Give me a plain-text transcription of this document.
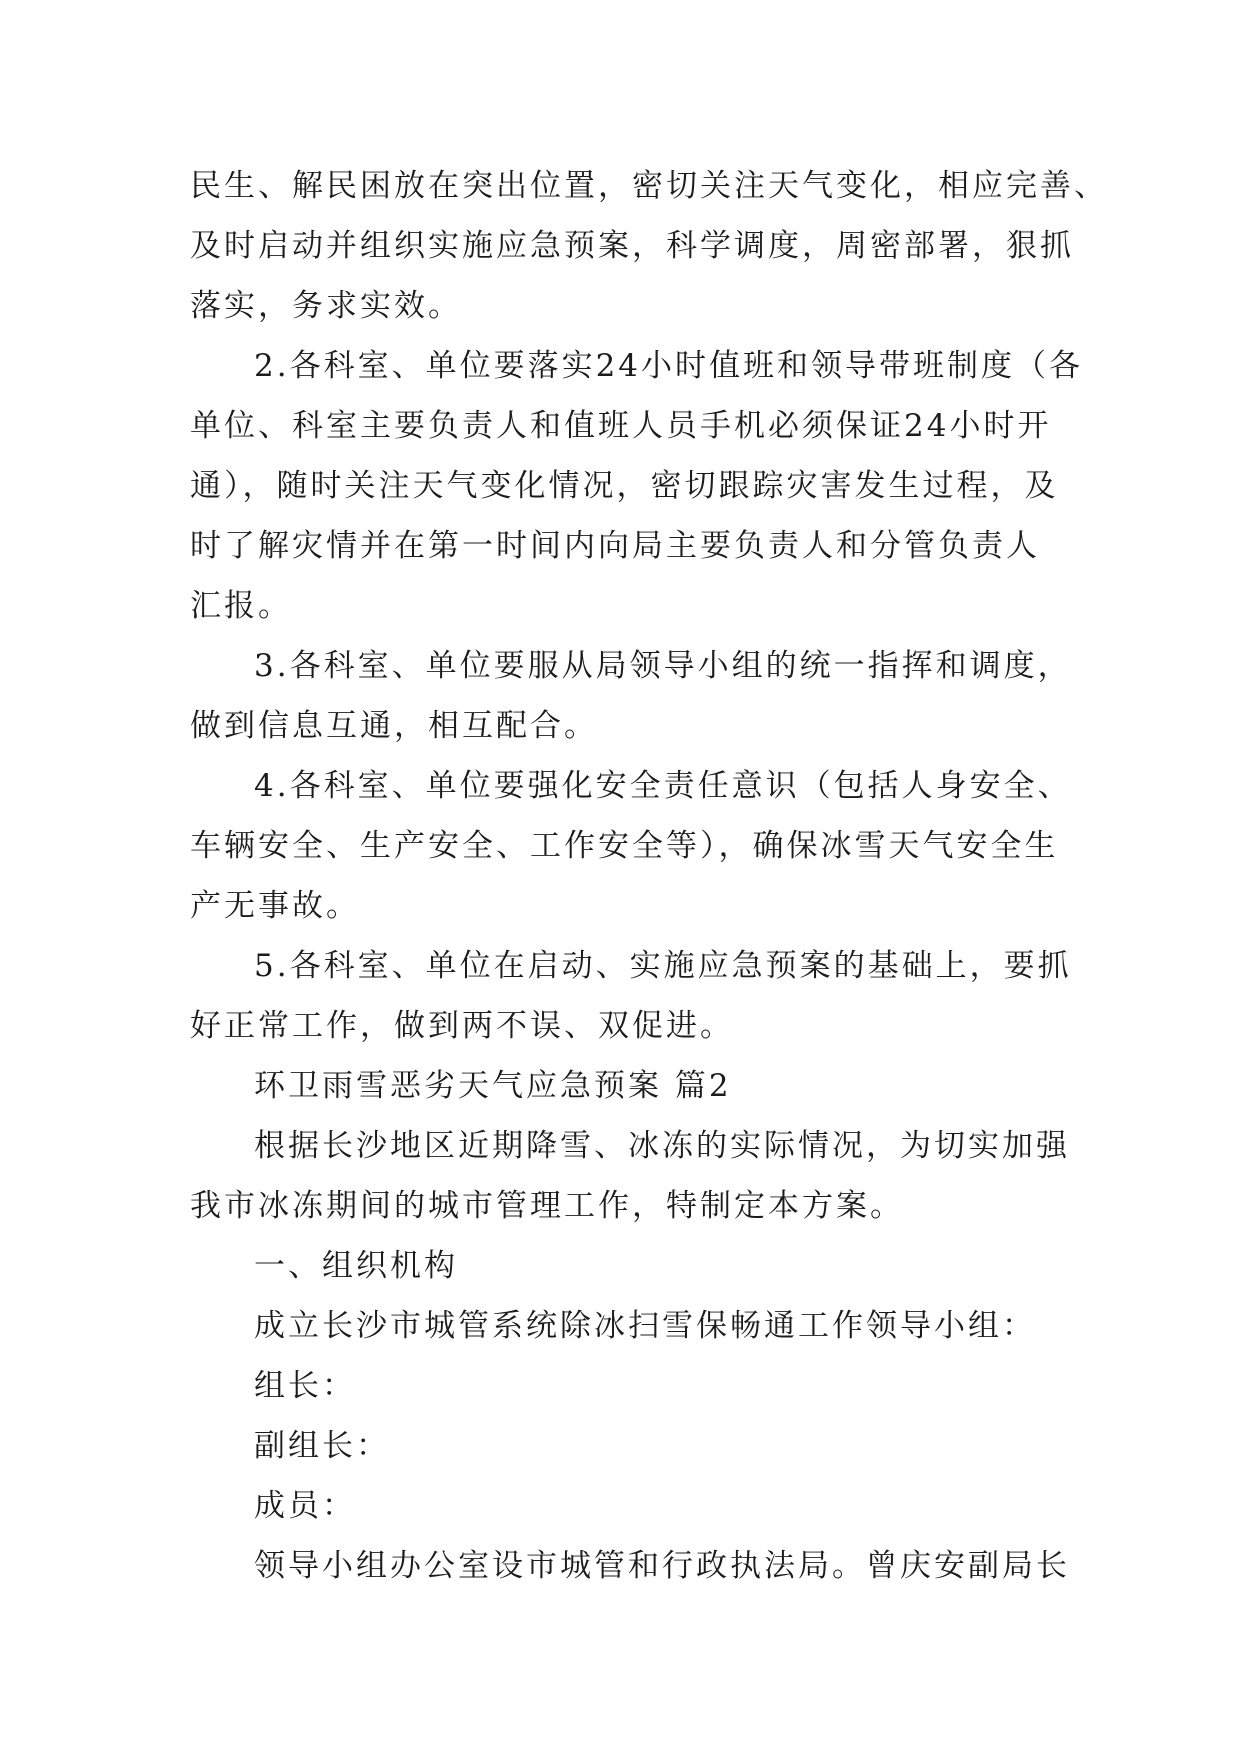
民生、解民困放在突出位置，密切关注天气变化，相应完善、
及时启动并组织实施应急预案，科学调度，周密部署，狠抓
落实，务求实效。
2.各科室、单位要落实24小时值班和领导带班制度（各
单位、科室主要负责人和值班人员手机必须保证24小时开
通），随时关注天气变化情况，密切跟踪灾害发生过程，及
时了解灾情并在第一时间内向局主要负责人和分管负责人
汇报。
3.各科室、单位要服从局领导小组的统一指挥和调度，
做到信息互通，相互配合。
4.各科室、单位要强化安全责任意识（包括人身安全、
车辆安全、生产安全、工作安全等），确保冰雪天气安全生
产无事故。
5.各科室、单位在启动、实施应急预案的基础上，要抓
好正常工作，做到两不误、双促进。
环卫雨雪恶劣天气应急预案 篇2
根据长沙地区近期降雪、冰冻的实际情况，为切实加强
我市冰冻期间的城市管理工作，特制定本方案。
一、组织机构
成立长沙市城管系统除冰扫雪保畅通工作领导小组：
组长：
副组长：
成员：
领导小组办公室设市城管和行政执法局。曾庆安副局长
